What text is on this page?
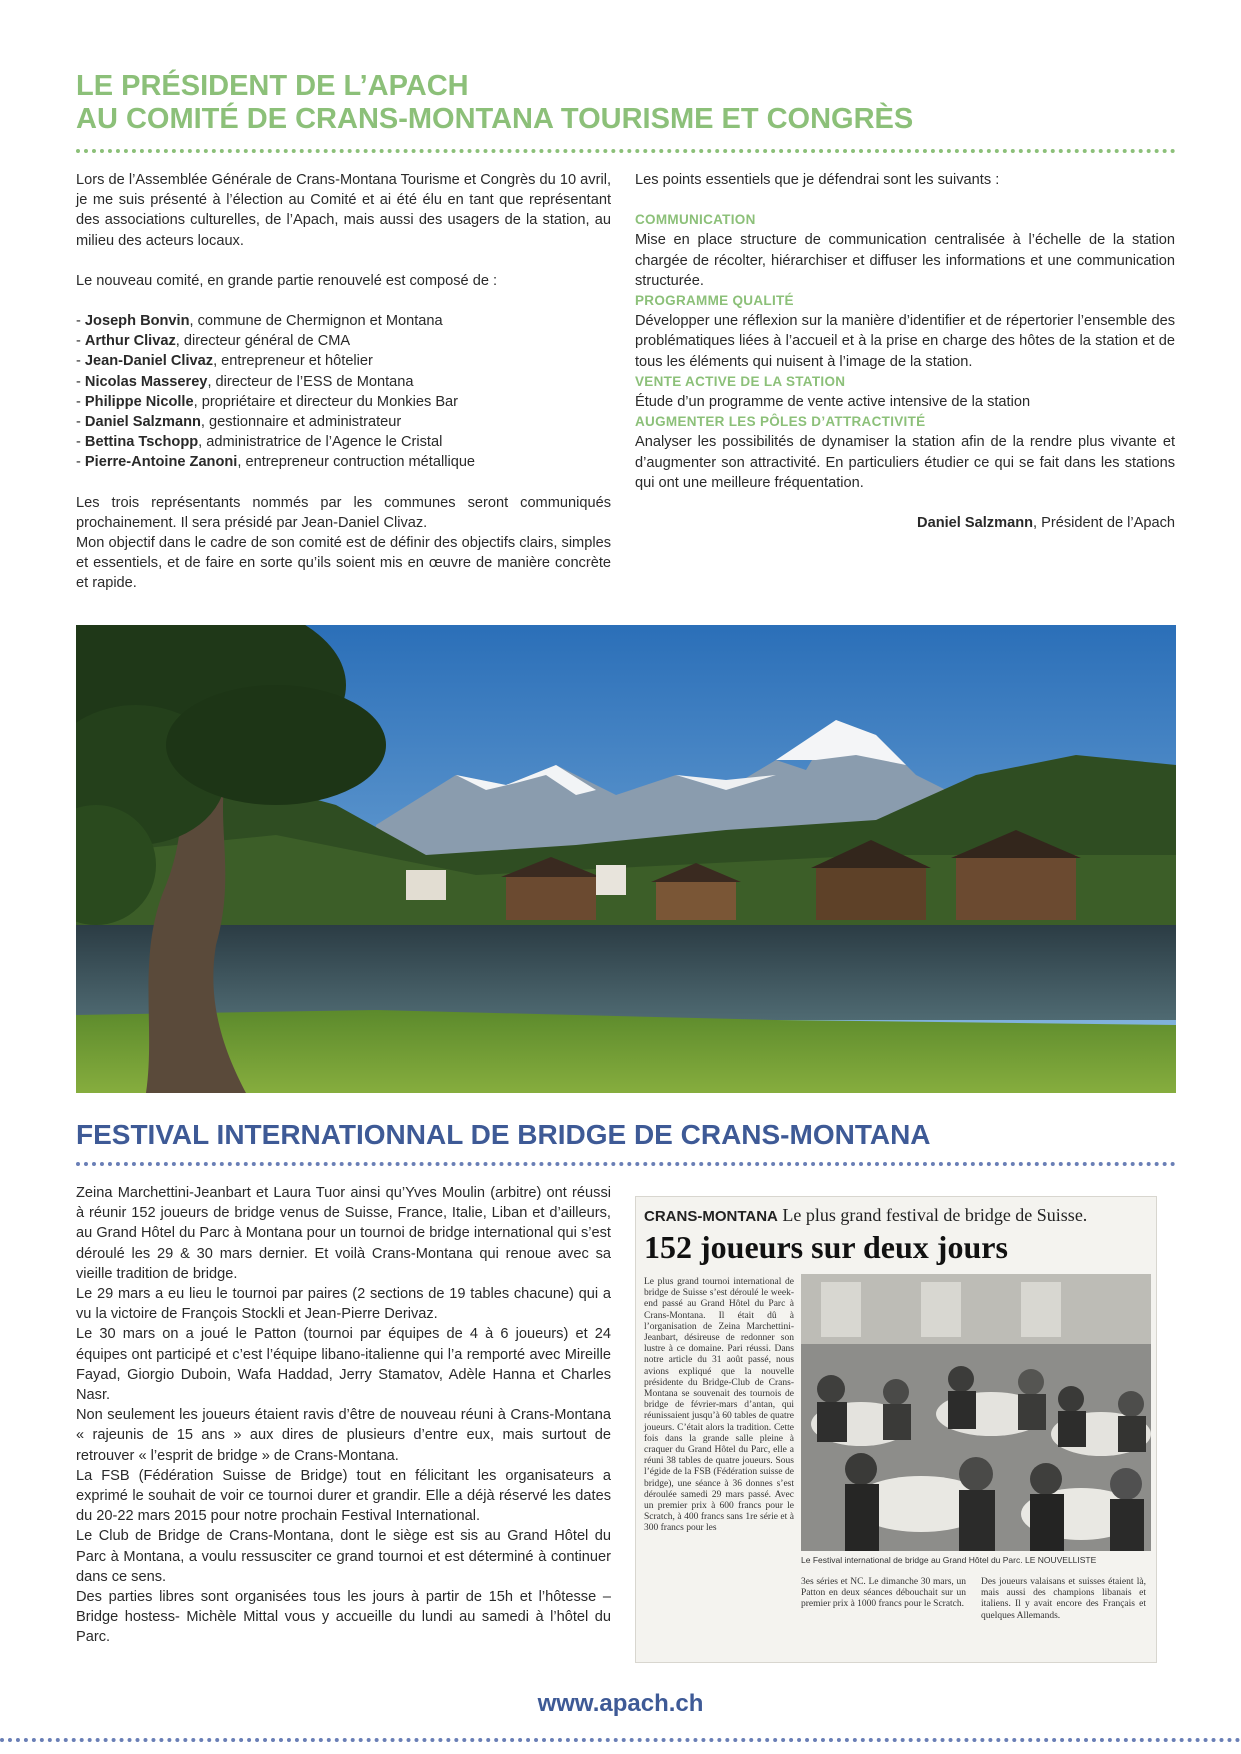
LE PRÉSIDENT DE L’APACH
AU COMITÉ DE CRANS-MONTANA TOURISME ET CONGRÈS

Lors de l’Assemblée Générale de Crans-Montana Tourisme et Congrès du 10 avril, je me suis présenté à l’élection au Comité et ai été élu en tant que représentant des associations culturelles, de l’Apach, mais aussi des usagers de la station, au milieu des acteurs locaux.

Le nouveau comité, en grande partie renouvelé est composé de :

- Joseph Bonvin, commune de Chermignon et Montana
- Arthur Clivaz, directeur général de CMA
- Jean-Daniel Clivaz, entrepreneur et hôtelier
- Nicolas Masserey, directeur de l’ESS de Montana
- Philippe Nicolle, propriétaire et directeur du Monkies Bar
- Daniel Salzmann, gestionnaire et administrateur
- Bettina Tschopp, administratrice de l’Agence le Cristal
- Pierre-Antoine Zanoni, entrepreneur contruction métallique

Les trois représentants nommés par les communes seront communiqués prochainement. Il sera présidé par Jean-Daniel Clivaz.

Mon objectif dans le cadre de son comité est de définir des objectifs clairs, simples et essentiels, et de faire en sorte qu’ils soient mis en œuvre de manière concrète et rapide.

Les points essentiels que je défendrai sont les suivants :

COMMUNICATION

Mise en place structure de communication centralisée à l’échelle de la station chargée de récolter, hiérarchiser et diffuser les informations et une communication structurée.

PROGRAMME QUALITÉ

Développer une réflexion sur la manière d’identifier et de répertorier l’ensemble des problématiques liées à l’accueil et à la prise en charge des hôtes de la station et de tous les éléments qui nuisent à l’image de la station.

VENTE ACTIVE DE LA STATION

Étude d’un programme de vente active intensive de la station

AUGMENTER LES PÔLES D’ATTRACTIVITÉ

Analyser les possibilités de dynamiser la station afin de la rendre plus vivante et d’augmenter son attractivité. En particuliers étudier ce qui se fait dans les stations qui ont une meilleure fréquentation.

Daniel Salzmann, Président de l’Apach

FESTIVAL INTERNATIONNAL DE BRIDGE DE CRANS-MONTANA

Zeina Marchettini-Jeanbart et Laura Tuor ainsi qu’Yves Moulin (arbitre) ont réussi à réunir 152 joueurs de bridge venus de Suisse, France, Italie, Liban et d’ailleurs, au Grand Hôtel du Parc à Montana pour un tournoi de bridge international qui s’est déroulé les 29 & 30 mars dernier. Et voilà Crans-Montana qui renoue avec sa vieille tradition de bridge.

Le 29 mars a eu lieu le tournoi par paires (2 sections de 19 tables chacune) qui a vu la victoire de François Stockli et Jean-Pierre Derivaz.

Le 30 mars on a joué le Patton (tournoi par équipes de 4 à 6 joueurs) et 24 équipes ont participé et c’est l’équipe libano-italienne qui l’a remporté avec Mireille Fayad, Giorgio Duboin, Wafa Haddad, Jerry Stamatov, Adèle Hanna et Charles Nasr.

Non seulement les joueurs étaient ravis d’être de nouveau réuni à Crans-Montana « rajeunis de 15 ans » aux dires de plusieurs d’entre eux, mais surtout de retrouver « l’esprit de bridge » de Crans-Montana.

La FSB (Fédération Suisse de Bridge) tout en félicitant les organisateurs a exprimé le souhait de voir ce tournoi durer et grandir. Elle a déjà réservé les dates du 20-22 mars 2015 pour notre prochain Festival International.

Le Club de Bridge de Crans-Montana, dont le siège est sis au Grand Hôtel du Parc à Montana, a voulu ressusciter ce grand tournoi et est déterminé à continuer dans ce sens.

Des parties libres sont organisées tous les jours à partir de 15h et l’hôtesse –Bridge hostess- Michèle Mittal vous y accueille du lundi au samedi à l’hôtel du Parc.

CRANS-MONTANA Le plus grand festival de bridge de Suisse.
152 joueurs sur deux jours
Le plus grand tournoi international de bridge de Suisse s’est déroulé le week-end passé au Grand Hôtel du Parc à Crans-Montana. Il était dû à l’organisation de Zeina Marchettini-Jeanbart, désireuse de redonner son lustre à ce domaine. Pari réussi. Dans notre article du 31 août passé, nous avions expliqué que la nouvelle présidente du Bridge-Club de Crans-Montana se souvenait des tournois de bridge de février-mars d’antan, qui réunissaient jusqu’à 60 tables de quatre joueurs. C’était alors la tradition. Cette fois dans la grande salle pleine à craquer du Grand Hôtel du Parc, elle a réuni 38 tables de quatre joueurs. Sous l’égide de la FSB (Fédération suisse de bridge), une séance à 36 donnes s’est déroulée samedi 29 mars passé. Avec un premier prix à 600 francs pour le Scratch, à 400 francs sans 1re série et à 300 francs pour les
Le Festival international de bridge au Grand Hôtel du Parc. LE NOUVELLISTE
3es séries et NC. Le dimanche 30 mars, un Patton en deux séances débouchait sur un premier prix à 1000 francs pour le Scratch.
Des joueurs valaisans et suisses étaient là, mais aussi des champions libanais et italiens. Il y avait encore des Français et quelques Allemands.
www.apach.ch
